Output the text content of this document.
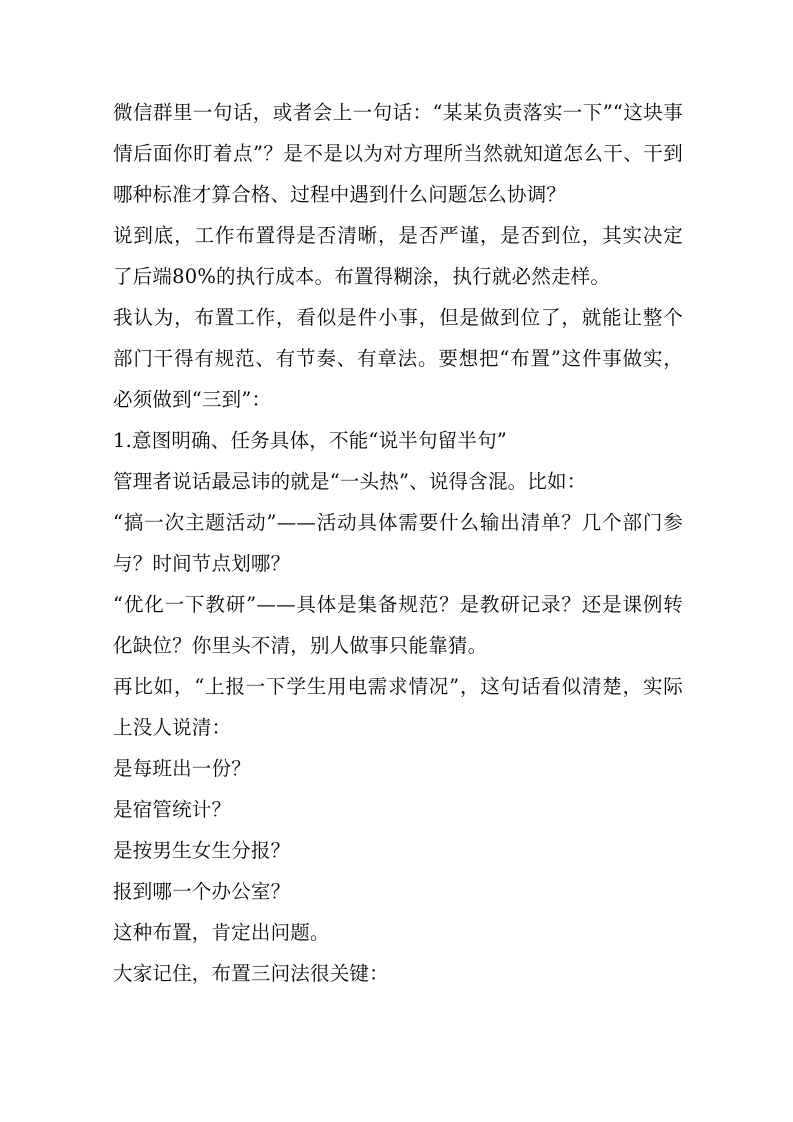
微信群里一句话，或者会上一句话：“某某负责落实一下”“这块事情后面你盯着点”？是不是以为对方理所当然就知道怎么干、干到哪种标准才算合格、过程中遇到什么问题怎么协调？

说到底，工作布置得是否清晰，是否严谨，是否到位，其实决定了后端80%的执行成本。布置得糊涂，执行就必然走样。

我认为，布置工作，看似是件小事，但是做到位了，就能让整个部门干得有规范、有节奏、有章法。要想把“布置”这件事做实，必须做到“三到”：

1.意图明确、任务具体，不能“说半句留半句”

管理者说话最忌讳的就是“一头热”、说得含混。比如：

“搞一次主题活动”——活动具体需要什么输出清单？几个部门参与？时间节点划哪？

“优化一下教研”——具体是集备规范？是教研记录？还是课例转化缺位？你里头不清，别人做事只能靠猜。

再比如，“上报一下学生用电需求情况”，这句话看似清楚，实际上没人说清：

是每班出一份？

是宿管统计？

是按男生女生分报？

报到哪一个办公室？

这种布置，肯定出问题。

大家记住，布置三问法很关键：
